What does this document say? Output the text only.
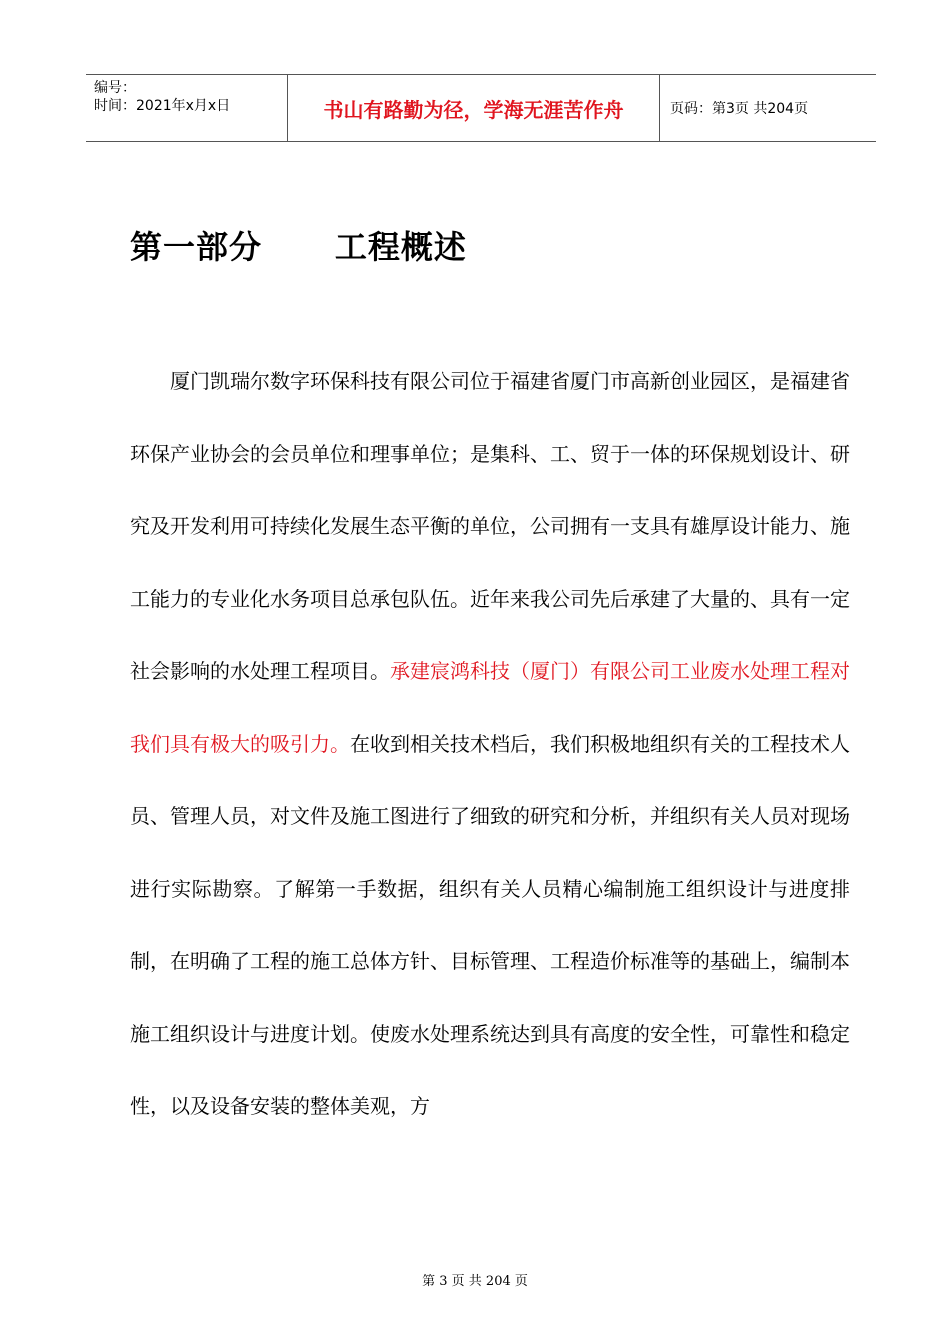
编号：
时间：2021年x月x日	书山有路勤为径，学海无涯苦作舟	页码：第3页 共204页
第一部分      工程概述

厦门凯瑞尔数字环保科技有限公司位于福建省厦门市高新创业园区，是福建省环保产业协会的会员单位和理事单位；是集科、工、贸于一体的环保规划设计、研究及开发利用可持续化发展生态平衡的单位，公司拥有一支具有雄厚设计能力、施工能力的专业化水务项目总承包队伍。近年来我公司先后承建了大量的、具有一定社会影响的水处理工程项目。承建宸鸿科技（厦门）有限公司工业废水处理工程对我们具有极大的吸引力。在收到相关技术档后，我们积极地组织有关的工程技术人员、管理人员，对文件及施工图进行了细致的研究和分析，并组织有关人员对现场进行实际勘察。了解第一手数据，组织有关人员精心编制施工组织设计与进度排制，在明确了工程的施工总体方针、目标管理、工程造价标准等的基础上，编制本施工组织设计与进度计划。使废水处理系统达到具有高度的安全性，可靠性和稳定性，以及设备安装的整体美观，方

第 3 页 共 204 页
